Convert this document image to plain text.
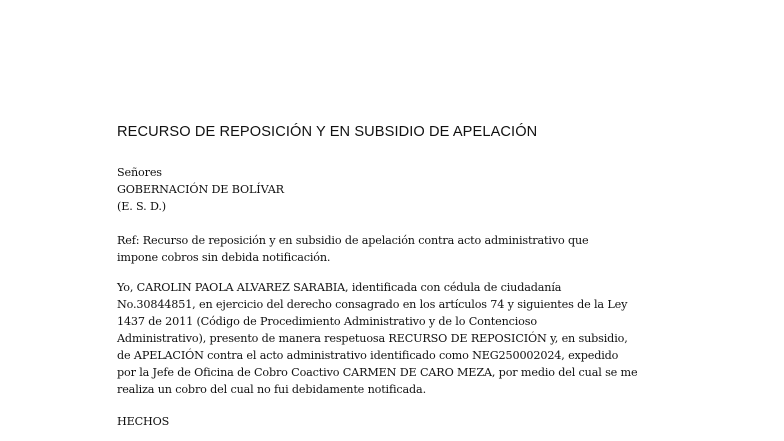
RECURSO DE REPOSICIÓN Y EN SUBSIDIO DE APELACIÓN
Señores
GOBERNACIÓN DE BOLÍVAR
(E. S. D.)
Ref: Recurso de reposición y en subsidio de apelación contra acto administrativo que
impone cobros sin debida notificación.
Yo, CAROLIN PAOLA ALVAREZ SARABIA, identificada con cédula de ciudadanía
No.30844851, en ejercicio del derecho consagrado en los artículos 74 y siguientes de la Ley
1437 de 2011 (Código de Procedimiento Administrativo y de lo Contencioso
Administrativo), presento de manera respetuosa RECURSO DE REPOSICIÓN y, en subsidio,
de APELACIÓN contra el acto administrativo identificado como NEG250002024, expedido
por la Jefe de Oficina de Cobro Coactivo CARMEN DE CARO MEZA, por medio del cual se me
realiza un cobro del cual no fui debidamente notificada.
HECHOS
